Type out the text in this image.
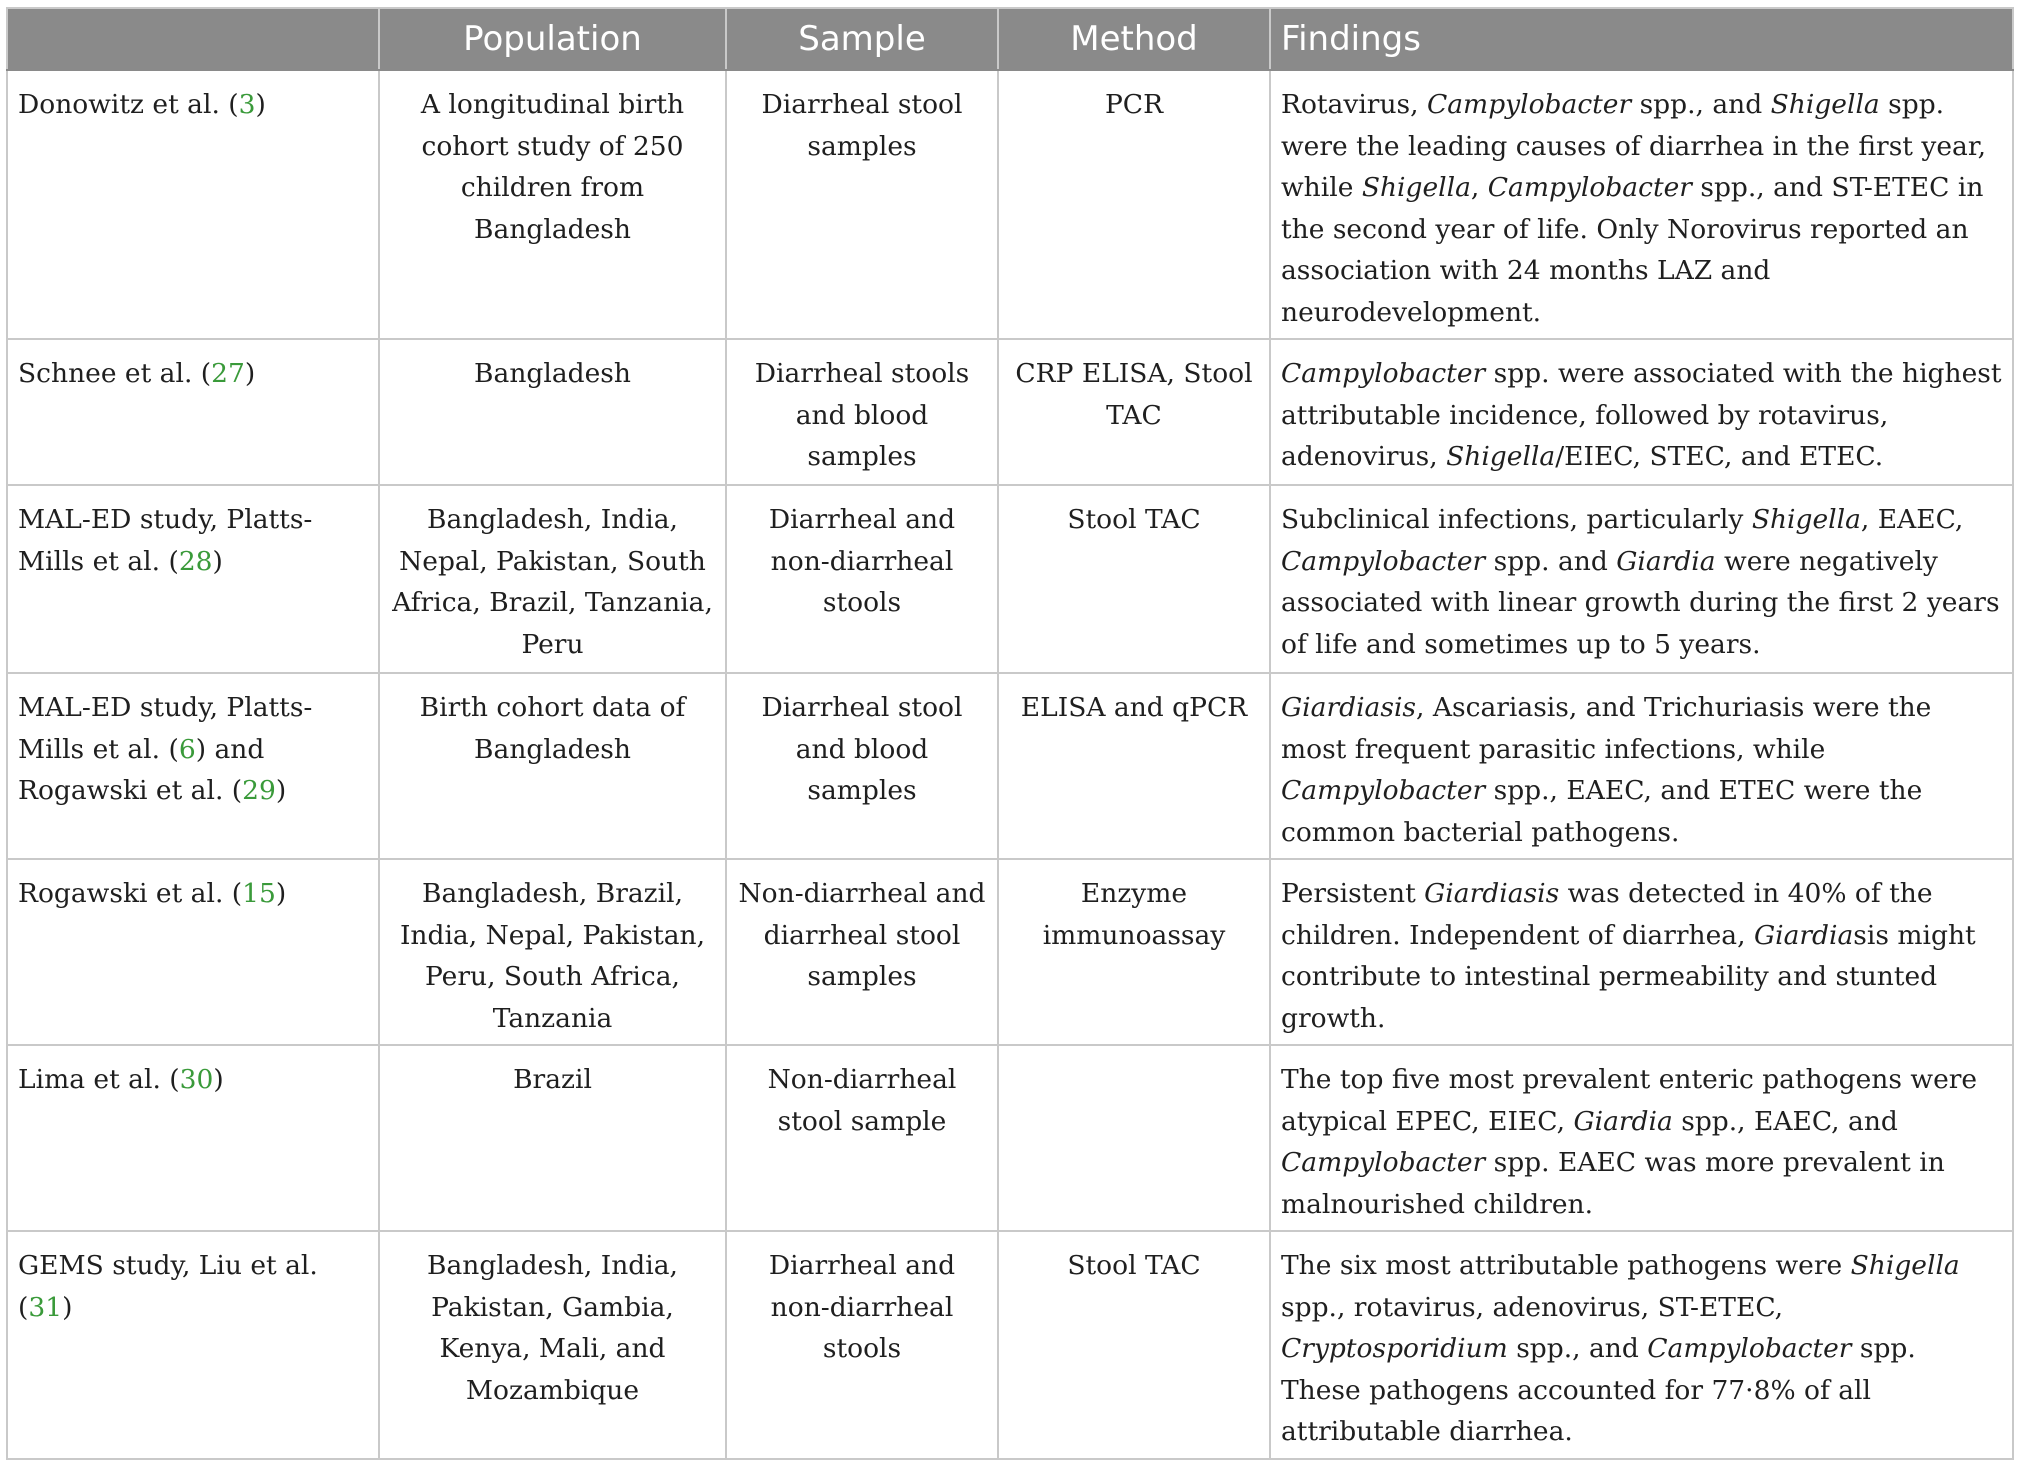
	Population	Sample	Method	Findings
Donowitz et al. (3)	A longitudinal birth cohort study of 250 children from Bangladesh	Diarrheal stool samples	PCR	Rotavirus, Campylobacter spp., and Shigella spp. were the leading causes of diarrhea in the first year, while Shigella, Campylobacter spp., and ST-ETEC in the second year of life. Only Norovirus reported an association with 24 months LAZ and neurodevelopment.
Schnee et al. (27)	Bangladesh	Diarrheal stools and blood samples	CRP ELISA, Stool TAC	Campylobacter spp. were associated with the highest attributable incidence, followed by rotavirus, adenovirus, Shigella/EIEC, STEC, and ETEC.
MAL-ED study, Platts-Mills et al. (28)	Bangladesh, India, Nepal, Pakistan, South Africa, Brazil, Tanzania, Peru	Diarrheal and non-diarrheal stools	Stool TAC	Subclinical infections, particularly Shigella, EAEC, Campylobacter spp. and Giardia were negatively associated with linear growth during the first 2 years of life and sometimes up to 5 years.
MAL-ED study, Platts-Mills et al. (6) and Rogawski et al. (29)	Birth cohort data of Bangladesh	Diarrheal stool and blood samples	ELISA and qPCR	Giardiasis, Ascariasis, and Trichuriasis were the most frequent parasitic infections, while Campylobacter spp., EAEC, and ETEC were the common bacterial pathogens.
Rogawski et al. (15)	Bangladesh, Brazil, India, Nepal, Pakistan, Peru, South Africa, Tanzania	Non-diarrheal and diarrheal stool samples	Enzyme immunoassay	Persistent Giardiasis was detected in 40% of the children. Independent of diarrhea, Giardiasis might contribute to intestinal permeability and stunted growth.
Lima et al. (30)	Brazil	Non-diarrheal stool sample		The top five most prevalent enteric pathogens were atypical EPEC, EIEC, Giardia spp., EAEC, and Campylobacter spp. EAEC was more prevalent in malnourished children.
GEMS study, Liu et al. (31)	Bangladesh, India, Pakistan, Gambia, Kenya, Mali, and Mozambique	Diarrheal and non-diarrheal stools	Stool TAC	The six most attributable pathogens were Shigella spp., rotavirus, adenovirus, ST-ETEC, Cryptosporidium spp., and Campylobacter spp. These pathogens accounted for 77·8% of all attributable diarrhea.
